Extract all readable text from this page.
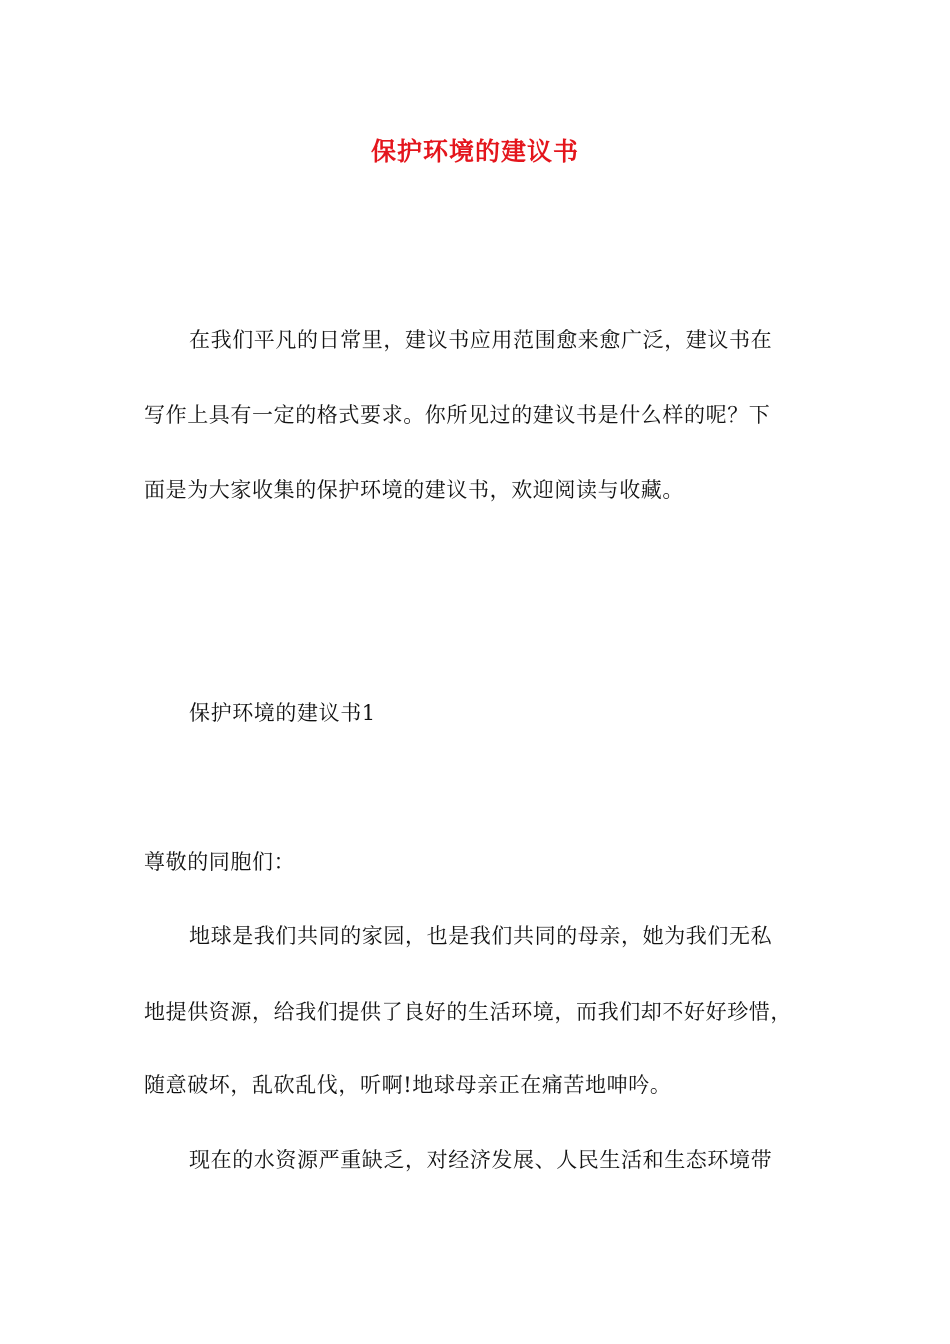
保护环境的建议书
在我们平凡的日常里，建议书应用范围愈来愈广泛，建议书在
写作上具有一定的格式要求。你所见过的建议书是什么样的呢？下
面是为大家收集的保护环境的建议书，欢迎阅读与收藏。
保护环境的建议书1
尊敬的同胞们：
地球是我们共同的家园，也是我们共同的母亲，她为我们无私
地提供资源，给我们提供了良好的生活环境，而我们却不好好珍惜，
随意破坏，乱砍乱伐，听啊!地球母亲正在痛苦地呻吟。
现在的水资源严重缺乏，对经济发展、人民生活和生态环境带
